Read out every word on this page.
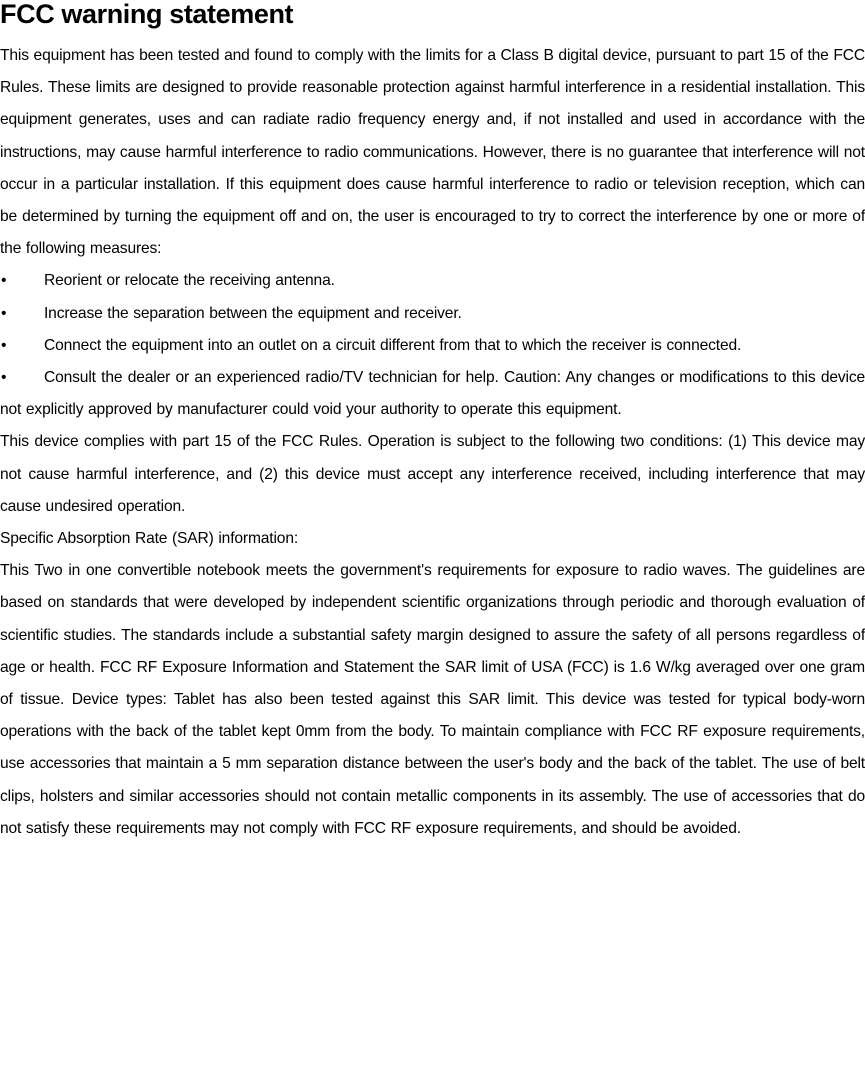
FCC warning statement

This equipment has been tested and found to comply with the limits for a Class B digital device, pursuant to part 15 of the FCC Rules. These limits are designed to provide reasonable protection against harmful interference in a residential installation. This equipment generates, uses and can radiate radio frequency energy and, if not installed and used in accordance with the instructions, may cause harmful interference to radio communications. However, there is no guarantee that interference will not occur in a particular installation. If this equipment does cause harmful interference to radio or television reception, which can be determined by turning the equipment off and on, the user is encouraged to try to correct the interference by one or more of the following measures:

• Reorient or relocate the receiving antenna.

• Increase the separation between the equipment and receiver.

• Connect the equipment into an outlet on a circuit different from that to which the receiver is connected.

• Consult the dealer or an experienced radio/TV technician for help. Caution: Any changes or modiﬁcations to this device not explicitly approved by manufacturer could void your authority to operate this equipment.

This device complies with part 15 of the FCC Rules. Operation is subject to the following two conditions: (1) This device may not cause harmful interference, and (2) this device must accept any interference received, including interference that may cause undesired operation.

Specific Absorption Rate (SAR) information:

This Two in one convertible notebook meets the government's requirements for exposure to radio waves. The guidelines are based on standards that were developed by independent scientific organizations through periodic and thorough evaluation of scientific studies. The standards include a substantial safety margin designed to assure the safety of all persons regardless of age or health. FCC RF Exposure Information and Statement the SAR limit of USA (FCC) is 1.6 W/kg averaged over one gram of tissue. Device types: Tablet has also been tested against this SAR limit. This device was tested for typical body-worn operations with the back of the tablet kept 0mm from the body. To maintain compliance with FCC RF exposure requirements, use accessories that maintain a 5 mm separation distance between the user's body and the back of the tablet. The use of belt clips, holsters and similar accessories should not contain metallic components in its assembly. The use of accessories that do not satisfy these requirements may not comply with FCC RF exposure requirements, and should be avoided.
